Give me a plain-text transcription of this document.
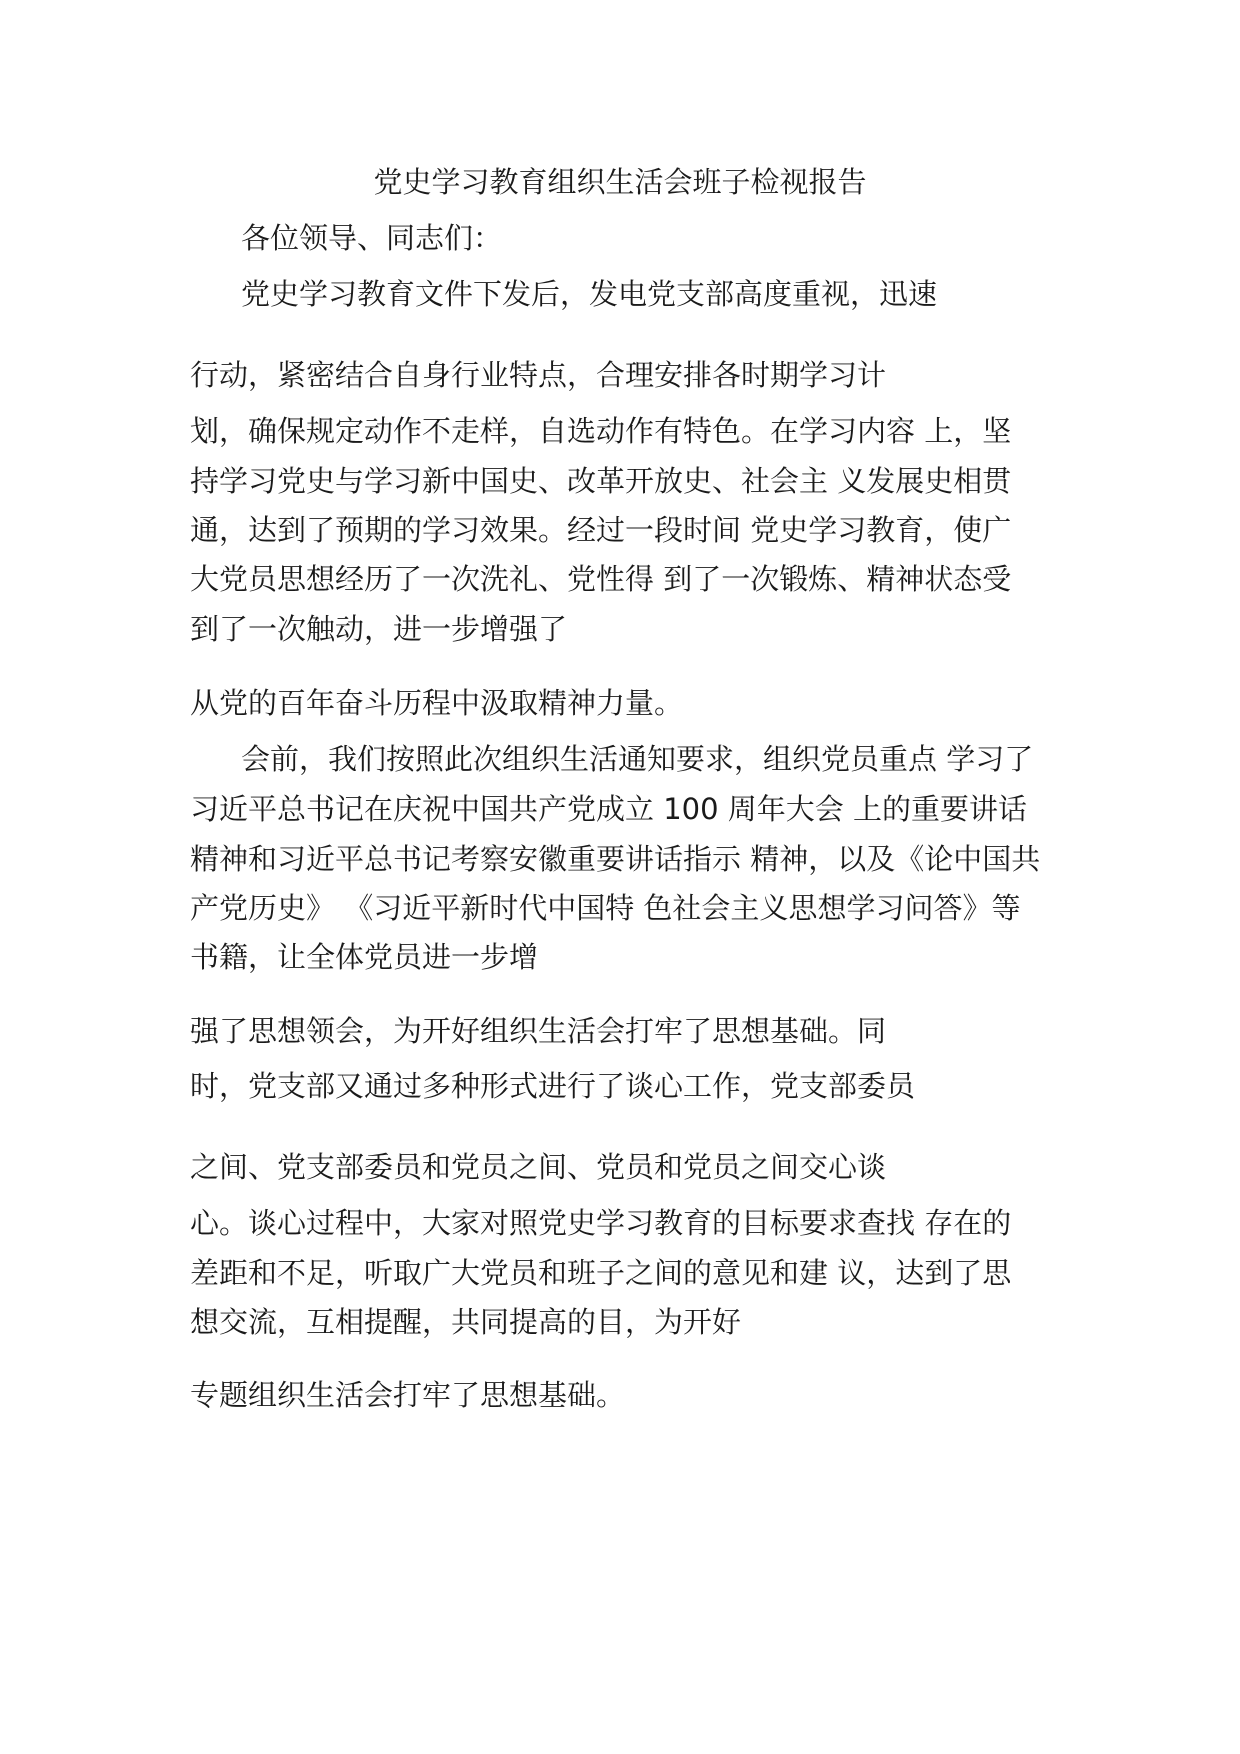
党史学习教育组织生活会班子检视报告
各位领导、同志们：
党史学习教育文件下发后，发电党支部高度重视，迅速
行动，紧密结合自身行业特点，合理安排各时期学习计
划，确保规定动作不走样，自选动作有特色。在学习内容 上，坚
持学习党史与学习新中国史、改革开放史、社会主 义发展史相贯
通，达到了预期的学习效果。经过一段时间 党史学习教育，使广
大党员思想经历了一次洗礼、党性得 到了一次锻炼、精神状态受
到了一次触动，进一步增强了
从党的百年奋斗历程中汲取精神力量。
会前，我们按照此次组织生活通知要求，组织党员重点 学习了
习近平总书记在庆祝中国共产党成立 100 周年大会 上的重要讲话
精神和习近平总书记考察安徽重要讲话指示 精神，以及《论中国共
产党历史》 《习近平新时代中国特 色社会主义思想学习问答》等
书籍，让全体党员进一步增
强了思想领会，为开好组织生活会打牢了思想基础。同
时，党支部又通过多种形式进行了谈心工作，党支部委员
之间、党支部委员和党员之间、党员和党员之间交心谈
心。谈心过程中，大家对照党史学习教育的目标要求查找 存在的
差距和不足，听取广大党员和班子之间的意见和建 议，达到了思
想交流，互相提醒，共同提高的目，为开好
专题组织生活会打牢了思想基础。
